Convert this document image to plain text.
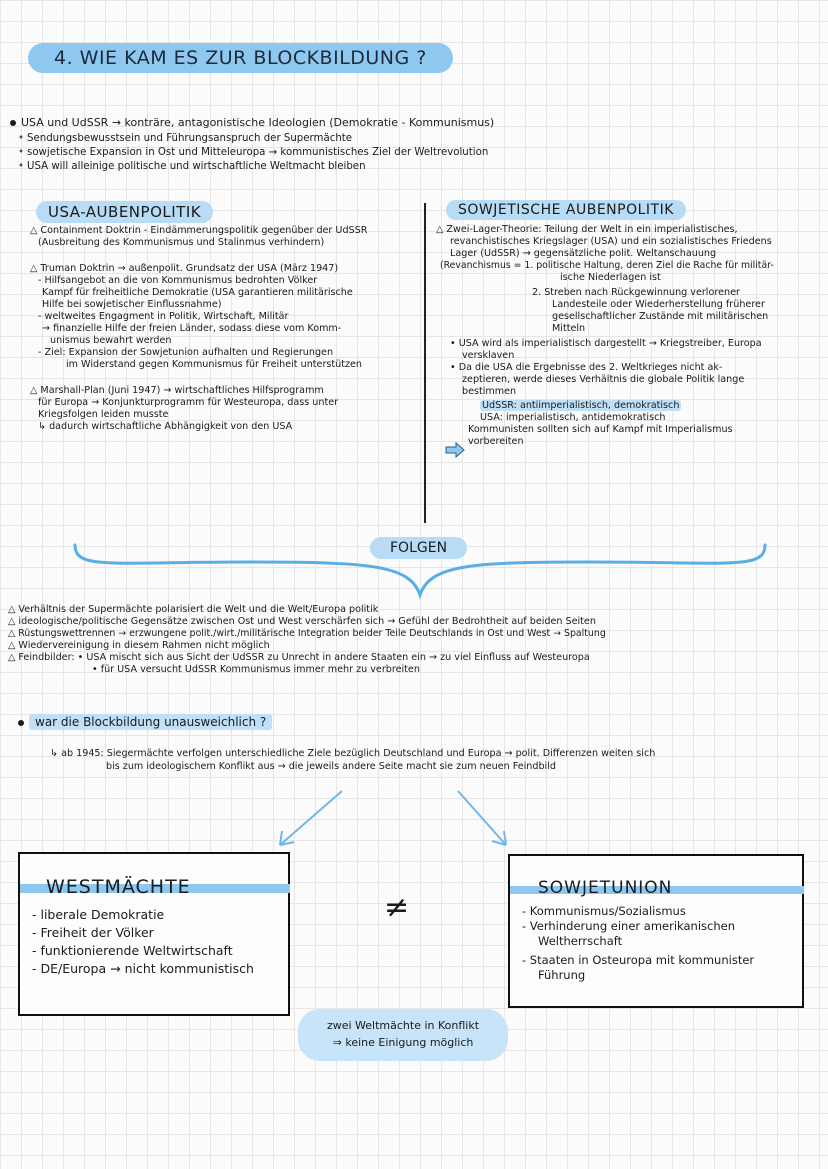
4. WIE KAM ES ZUR BLOCKBILDUNG ?
USA und UdSSR → konträre, antagonistische Ideologien (Demokratie - Kommunismus)
• Sendungsbewusstsein und Führungsanspruch der Supermächte
• sowjetische Expansion in Ost und Mitteleuropa → kommunistisches Ziel der Weltrevolution
• USA will alleinige politische und wirtschaftliche Weltmacht bleiben
USA-AUBENPOLITIK
△ Containment Doktrin - Eindämmerungspolitik gegenüber der UdSSR
(Ausbreitung des Kommunismus und Stalinmus verhindern)
△ Truman Doktrin → außenpolit. Grundsatz der USA (März 1947)
- Hilfsangebot an die von Kommunismus bedrohten Völker
Kampf für freiheitliche Demokratie (USA garantieren militärische
Hilfe bei sowjetischer Einflussnahme)
- weltweites Engagment in Politik, Wirtschaft, Militär
→ finanzielle Hilfe der freien Länder, sodass diese vom Komm-
unismus bewahrt werden
- Ziel: Expansion der Sowjetunion aufhalten und Regierungen
im Widerstand gegen Kommunismus für Freiheit unterstützen
△ Marshall-Plan (Juni 1947) → wirtschaftliches Hilfsprogramm
für Europa → Konjunkturprogramm für Westeuropa, dass unter
Kriegsfolgen leiden musste
↳ dadurch wirtschaftliche Abhängigkeit von den USA
SOWJETISCHE AUBENPOLITIK
△ Zwei-Lager-Theorie: Teilung der Welt in ein imperialistisches,
revanchistisches Kriegslager (USA) und ein sozialistisches Friedens
Lager (UdSSR) → gegensätzliche polit. Weltanschauung
(Revanchismus = 1. politische Haltung, deren Ziel die Rache für militär-
ische Niederlagen ist
2. Streben nach Rückgewinnung verlorener
Landesteile oder Wiederherstellung früherer
gesellschaftlicher Zustände mit militärischen
Mitteln
• USA wird als imperialistisch dargestellt → Kriegstreiber, Europa
versklaven
• Da die USA die Ergebnisse des 2. Weltkrieges nicht ak-
zeptieren, werde dieses Verhältnis die globale Politik lange
bestimmen
UdSSR: antiimperialistisch, demokratisch
USA: imperialistisch, antidemokratisch
Kommunisten sollten sich auf Kampf mit Imperialismus
vorbereiten
FOLGEN
△ Verhältnis der Supermächte polarisiert die Welt und die Welt/Europa politik
△ ideologische/politische Gegensätze zwischen Ost und West verschärfen sich → Gefühl der Bedrohtheit auf beiden Seiten
△ Rüstungswettrennen → erzwungene polit./wirt./militärische Integration beider Teile Deutschlands in Ost und West → Spaltung
△ Wiedervereinigung in diesem Rahmen nicht möglich
△ Feindbilder: • USA mischt sich aus Sicht der UdSSR zu Unrecht in andere Staaten ein → zu viel Einfluss auf Westeuropa
• für USA versucht UdSSR Kommunismus immer mehr zu verbreiten
war die Blockbildung unausweichlich ?
↳ ab 1945: Siegermächte verfolgen unterschiedliche Ziele bezüglich Deutschland und Europa → polit. Differenzen weiten sich
bis zum ideologischem Konflikt aus → die jeweils andere Seite macht sie zum neuen Feindbild
WESTMÄCHTE
- liberale Demokratie
- Freiheit der Völker
- funktionierende Weltwirtschaft
- DE/Europa → nicht kommunistisch
≠
SOWJETUNION
- Kommunismus/Sozialismus
- Verhinderung einer amerikanischen
Weltherrschaft
- Staaten in Osteuropa mit kommunister
Führung
zwei Weltmächte in Konflikt
⇒ keine Einigung möglich
